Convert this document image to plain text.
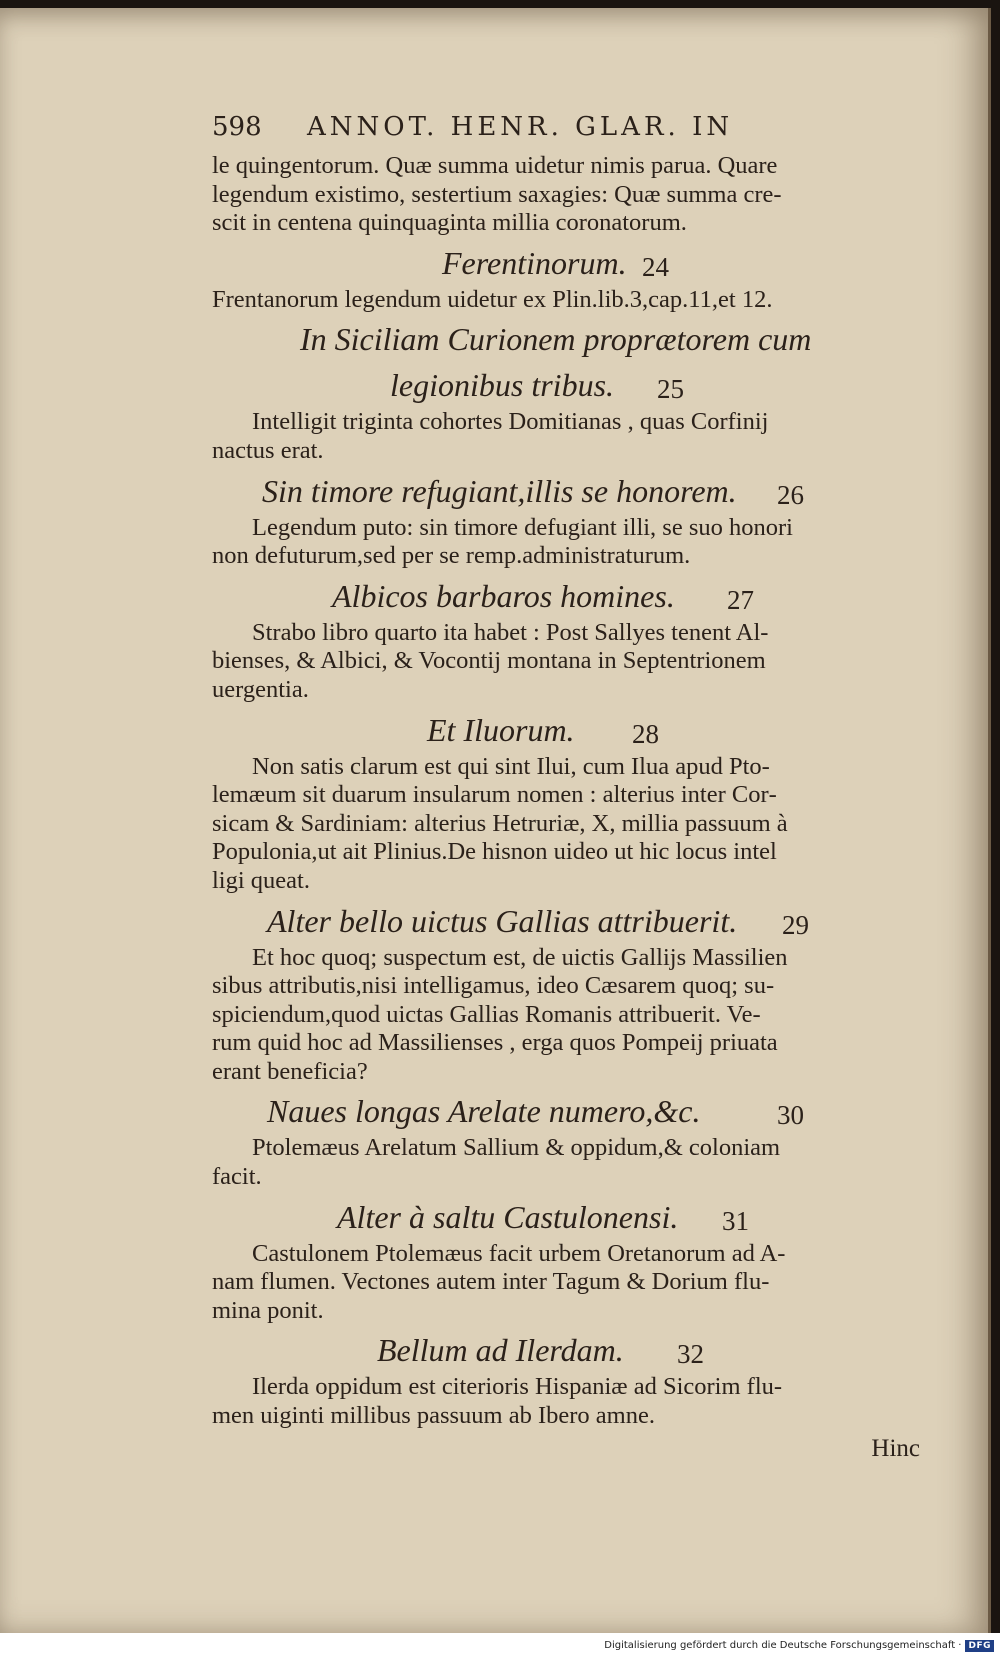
598	ANNOT. HENR. GLAR. IN
le quingentorum. Quæ summa uidetur nimis parua. Quare
legendum existimo, sestertium saxagies: Quæ summa cre‑
scit in centena quinquaginta millia coronatorum.
Ferentinorum. 24
Frentanorum legendum uidetur ex Plin.lib.3,cap.11,et 12.
In Siciliam Curionem proprætorem cum
legionibus tribus. 25
Intelligit triginta cohortes Domitianas , quas Corfinij
nactus erat.
Sin timore refugiant,illis se honorem. 26
Legendum puto: sin timore defugiant illi, se suo honori
non defuturum,sed per se remp.administraturum.
Albicos barbaros homines. 27
Strabo libro quarto ita habet : Post Sallyes tenent Al‑
bienses, & Albici, & Vocontij montana in Septentrionem
uergentia.
Et Iluorum. 28
Non satis clarum est qui sint Ilui, cum Ilua apud Pto‑
lemæum sit duarum insularum nomen : alterius inter Cor‑
sicam & Sardiniam: alterius Hetruriæ, X, millia passuum à
Populonia,ut ait Plinius.De hisnon uideo ut hic locus intel
ligi queat.
Alter bello uictus Gallias attribuerit. 29
Et hoc quoq; suspectum est, de uictis Gallijs Massilien
sibus attributis,nisi intelligamus, ideo Cæsarem quoq; su‑
spiciendum,quod uictas Gallias Romanis attribuerit. Ve‑
rum quid hoc ad Massilienses , erga quos Pompeij priuata
erant beneficia?
Naues longas Arelate numero,&c.	30
Ptolemæus Arelatum Sallium & oppidum,& coloniam
facit.
Alter à saltu Castulonensi. 31
Castulonem Ptolemæus facit urbem Oretanorum ad A‑
nam flumen. Vectones autem inter Tagum & Dorium flu‑
mina ponit.
Bellum ad Ilerdam. 32
Ilerda oppidum est citerioris Hispaniæ ad Sicorim flu‑
men uiginti millibus passuum ab Ibero amne.
Hinc
Digitalisierung gefördert durch die Deutsche Forschungsgemeinschaft · DFG
